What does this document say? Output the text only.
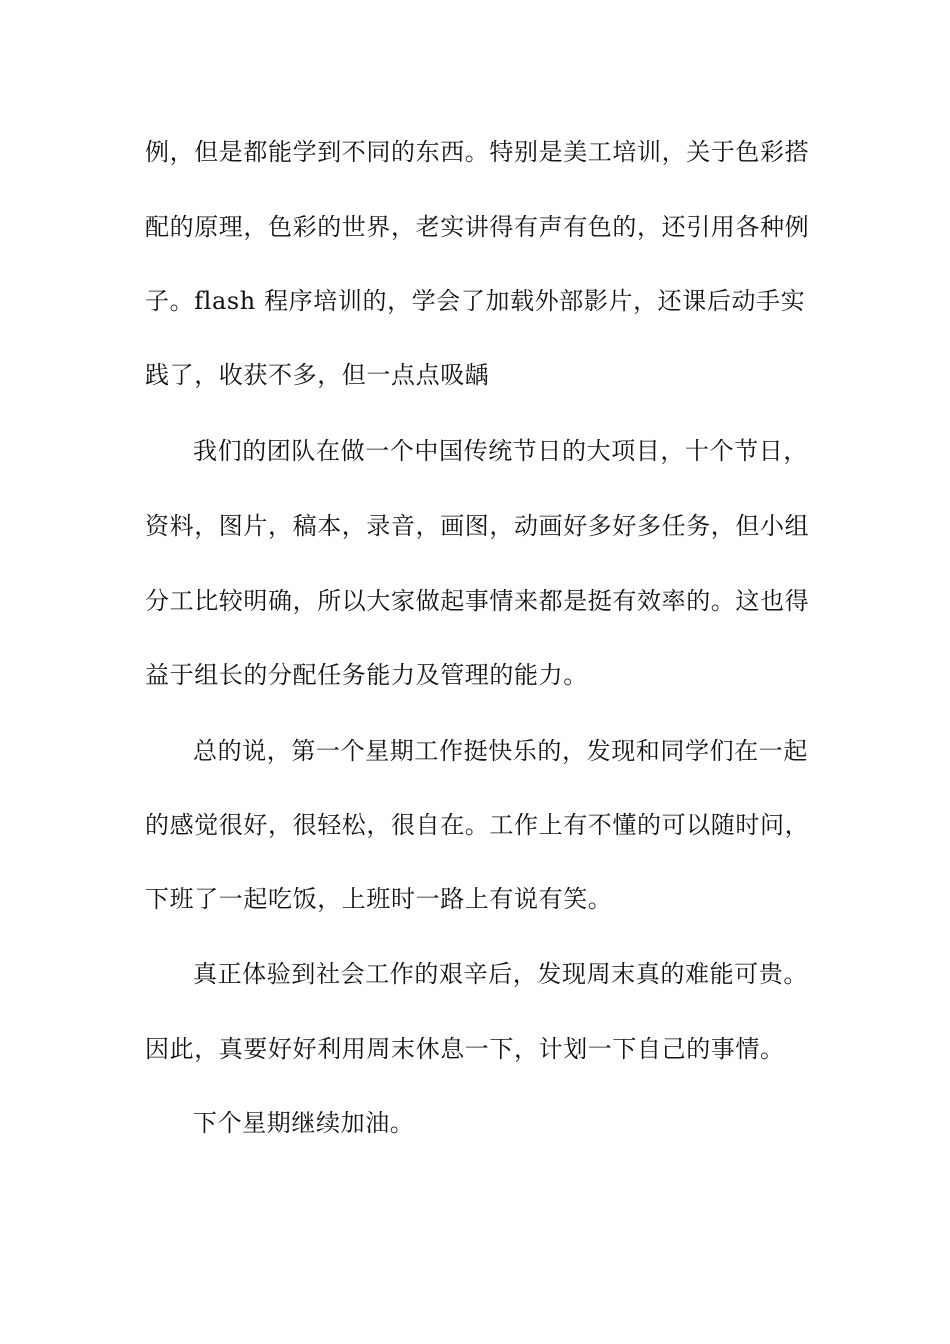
例，但是都能学到不同的东西。特别是美工培训，关于色彩搭
配的原理，色彩的世界，老实讲得有声有色的，还引用各种例
子。flash 程序培训的，学会了加载外部影片，还课后动手实
践了，收获不多，但一点点吸龋
我们的团队在做一个中国传统节日的大项目，十个节日，
资料，图片，稿本，录音，画图，动画好多好多任务，但小组
分工比较明确，所以大家做起事情来都是挺有效率的。这也得
益于组长的分配任务能力及管理的能力。
总的说，第一个星期工作挺快乐的，发现和同学们在一起
的感觉很好，很轻松，很自在。工作上有不懂的可以随时问，
下班了一起吃饭，上班时一路上有说有笑。
真正体验到社会工作的艰辛后，发现周末真的难能可贵。
因此，真要好好利用周末休息一下，计划一下自己的事情。
下个星期继续加油。
